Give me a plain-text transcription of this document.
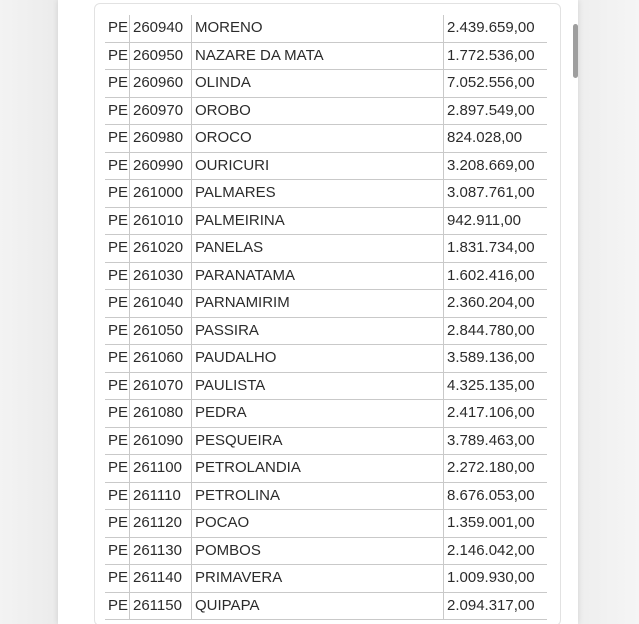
PE	260940	MORENO	2.439.659,00
PE	260950	NAZARE DA MATA	1.772.536,00
PE	260960	OLINDA	7.052.556,00
PE	260970	OROBO	2.897.549,00
PE	260980	OROCO	824.028,00
PE	260990	OURICURI	3.208.669,00
PE	261000	PALMARES	3.087.761,00
PE	261010	PALMEIRINA	942.911,00
PE	261020	PANELAS	1.831.734,00
PE	261030	PARANATAMA	1.602.416,00
PE	261040	PARNAMIRIM	2.360.204,00
PE	261050	PASSIRA	2.844.780,00
PE	261060	PAUDALHO	3.589.136,00
PE	261070	PAULISTA	4.325.135,00
PE	261080	PEDRA	2.417.106,00
PE	261090	PESQUEIRA	3.789.463,00
PE	261100	PETROLANDIA	2.272.180,00
PE	261110	PETROLINA	8.676.053,00
PE	261120	POCAO	1.359.001,00
PE	261130	POMBOS	2.146.042,00
PE	261140	PRIMAVERA	1.009.930,00
PE	261150	QUIPAPA	2.094.317,00
